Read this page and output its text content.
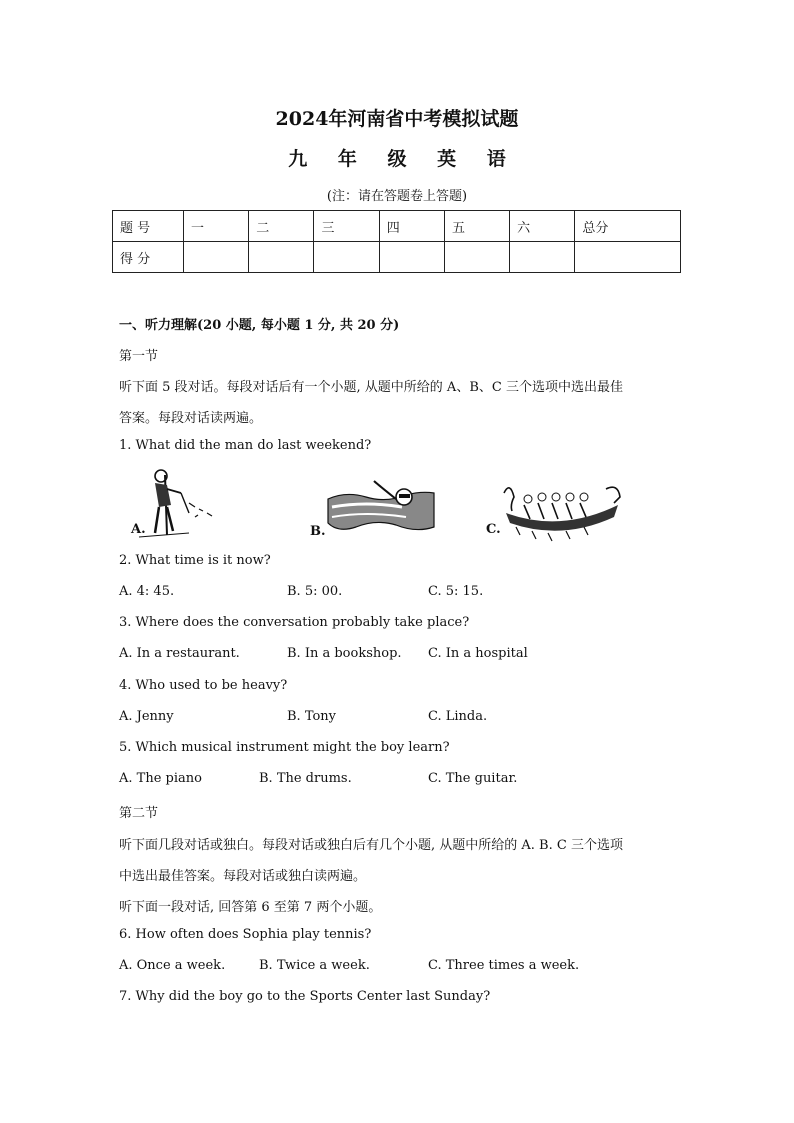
2024年河南省中考模拟试题
九 年 级 英 语
(注：请在答题卷上答题)
题 号	一	二	三	四	五	六	总分
得 分							
一、听力理解(20 小题, 每小题 1 分, 共 20 分)
第一节
听下面 5 段对话。每段对话后有一个小题, 从题中所给的 A、B、C 三个选项中选出最佳
答案。每段对话读两遍。
1. What did the man do last weekend?
A.	B.	C.
2. What time is it now?
A. 4: 45.	B. 5: 00.	C. 5: 15.
3. Where does the conversation probably take place?
A. In a restaurant.	B. In a bookshop. C. In a hospital
4. Who used to be heavy?
A. Jenny	B. Tony	C. Linda.
5. Which musical instrument might the boy learn?
A. The piano	B. The drums.	C. The guitar.
第二节
听下面几段对话或独白。每段对话或独白后有几个小题, 从题中所给的 A. B. C 三个选项
中选出最佳答案。每段对话或独白读两遍。
听下面一段对话, 回答第 6 至第 7 两个小题。
6. How often does Sophia play tennis?
A. Once a week.	B. Twice a week.	C. Three times a week.
7. Why did the boy go to the Sports Center last Sunday?
